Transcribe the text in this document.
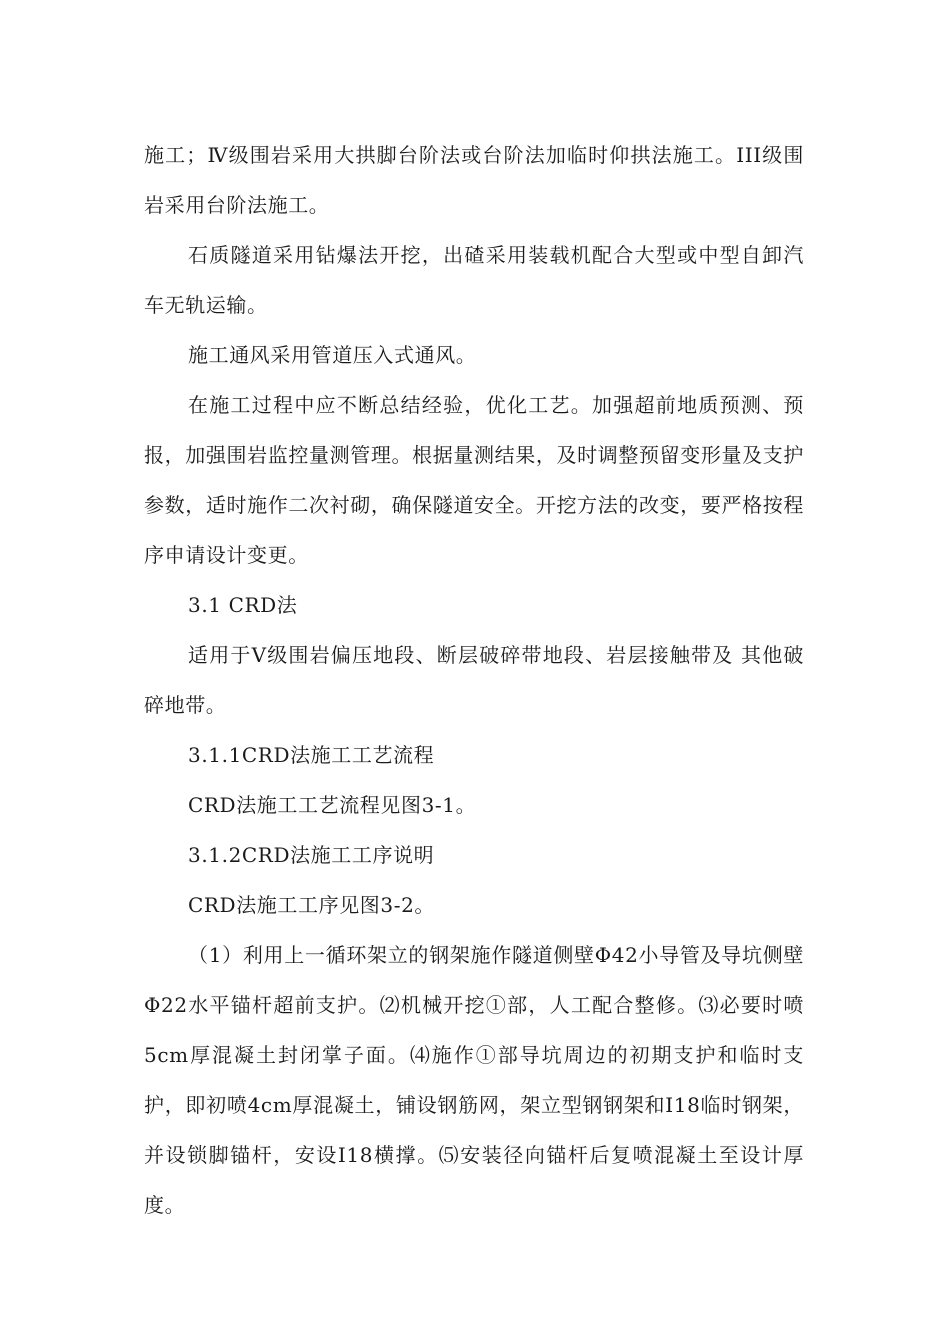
施工；Ⅳ级围岩采用大拱脚台阶法或台阶法加临时仰拱法施工。III级围岩采用台阶法施工。

石质隧道采用钻爆法开挖，出碴采用装载机配合大型或中型自卸汽车无轨运输。

施工通风采用管道压入式通风。

在施工过程中应不断总结经验，优化工艺。加强超前地质预测、预报，加强围岩监控量测管理。根据量测结果，及时调整预留变形量及支护参数，适时施作二次衬砌，确保隧道安全。开挖方法的改变，要严格按程序申请设计变更。

3.1 CRD法

适用于Ⅴ级围岩偏压地段、断层破碎带地段、岩层接触带及 其他破碎地带。

3.1.1CRD法施工工艺流程

CRD法施工工艺流程见图3-1。

3.1.2CRD法施工工序说明

CRD法施工工序见图3-2。

（1）利用上一循环架立的钢架施作隧道侧壁Φ42小导管及导坑侧壁Φ22水平锚杆超前支护。⑵机械开挖①部，人工配合整修。⑶必要时喷5cm厚混凝土封闭掌子面。⑷施作①部导坑周边的初期支护和临时支护，即初喷4cm厚混凝土，铺设钢筋网，架立型钢钢架和I18临时钢架，并设锁脚锚杆，安设I18横撑。⑸安装径向锚杆后复喷混凝土至设计厚度。
